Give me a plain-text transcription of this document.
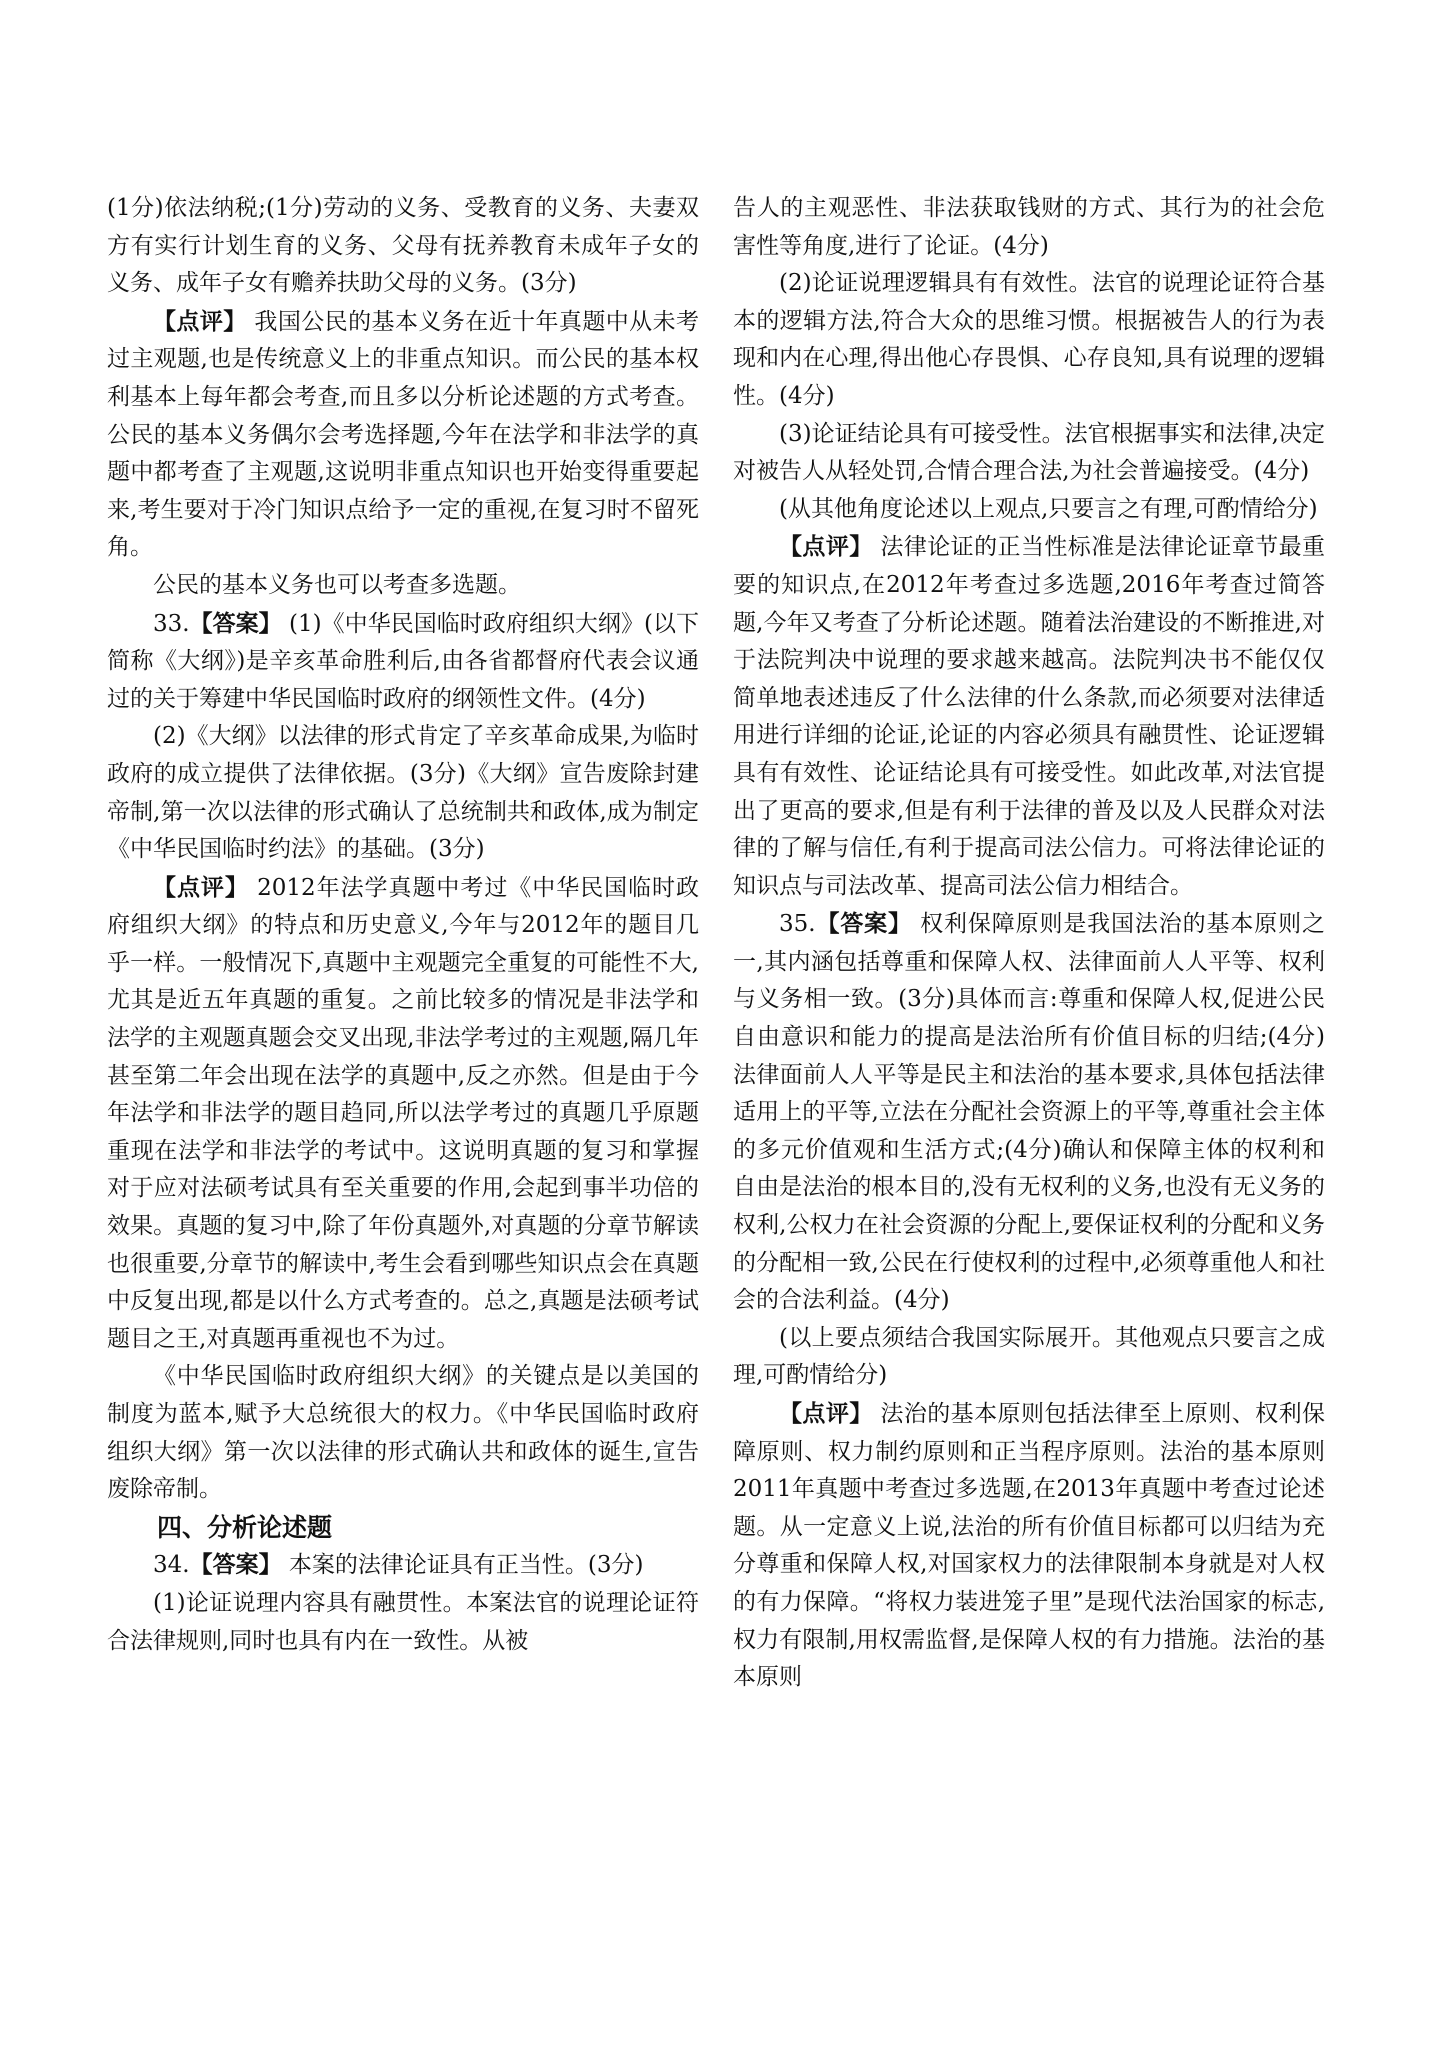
(1分)依法纳税;(1分)劳动的义务、受教育的义务、夫妻双方有实行计划生育的义务、父母有抚养教育未成年子女的义务、成年子女有赡养扶助父母的义务。(3分)

【点评】 我国公民的基本义务在近十年真题中从未考过主观题,也是传统意义上的非重点知识。而公民的基本权利基本上每年都会考查,而且多以分析论述题的方式考查。公民的基本义务偶尔会考选择题,今年在法学和非法学的真题中都考查了主观题,这说明非重点知识也开始变得重要起来,考生要对于冷门知识点给予一定的重视,在复习时不留死角。

公民的基本义务也可以考查多选题。

33.【答案】 (1)《中华民国临时政府组织大纲》(以下简称《大纲》)是辛亥革命胜利后,由各省都督府代表会议通过的关于筹建中华民国临时政府的纲领性文件。(4分)

(2)《大纲》以法律的形式肯定了辛亥革命成果,为临时政府的成立提供了法律依据。(3分)《大纲》宣告废除封建帝制,第一次以法律的形式确认了总统制共和政体,成为制定《中华民国临时约法》的基础。(3分)

【点评】 2012年法学真题中考过《中华民国临时政府组织大纲》的特点和历史意义,今年与2012年的题目几乎一样。一般情况下,真题中主观题完全重复的可能性不大,尤其是近五年真题的重复。之前比较多的情况是非法学和法学的主观题真题会交叉出现,非法学考过的主观题,隔几年甚至第二年会出现在法学的真题中,反之亦然。但是由于今年法学和非法学的题目趋同,所以法学考过的真题几乎原题重现在法学和非法学的考试中。这说明真题的复习和掌握对于应对法硕考试具有至关重要的作用,会起到事半功倍的效果。真题的复习中,除了年份真题外,对真题的分章节解读也很重要,分章节的解读中,考生会看到哪些知识点会在真题中反复出现,都是以什么方式考查的。总之,真题是法硕考试题目之王,对真题再重视也不为过。

《中华民国临时政府组织大纲》的关键点是以美国的制度为蓝本,赋予大总统很大的权力。《中华民国临时政府组织大纲》第一次以法律的形式确认共和政体的诞生,宣告废除帝制。

四、分析论述题

34.【答案】 本案的法律论证具有正当性。(3分)

(1)论证说理内容具有融贯性。本案法官的说理论证符合法律规则,同时也具有内在一致性。从被

告人的主观恶性、非法获取钱财的方式、其行为的社会危害性等角度,进行了论证。(4分)

(2)论证说理逻辑具有有效性。法官的说理论证符合基本的逻辑方法,符合大众的思维习惯。根据被告人的行为表现和内在心理,得出他心存畏惧、心存良知,具有说理的逻辑性。(4分)

(3)论证结论具有可接受性。法官根据事实和法律,决定对被告人从轻处罚,合情合理合法,为社会普遍接受。(4分)

(从其他角度论述以上观点,只要言之有理,可酌情给分)

【点评】 法律论证的正当性标准是法律论证章节最重要的知识点,在2012年考查过多选题,2016年考查过简答题,今年又考查了分析论述题。随着法治建设的不断推进,对于法院判决中说理的要求越来越高。法院判决书不能仅仅简单地表述违反了什么法律的什么条款,而必须要对法律适用进行详细的论证,论证的内容必须具有融贯性、论证逻辑具有有效性、论证结论具有可接受性。如此改革,对法官提出了更高的要求,但是有利于法律的普及以及人民群众对法律的了解与信任,有利于提高司法公信力。可将法律论证的知识点与司法改革、提高司法公信力相结合。

35.【答案】 权利保障原则是我国法治的基本原则之一,其内涵包括尊重和保障人权、法律面前人人平等、权利与义务相一致。(3分)具体而言:尊重和保障人权,促进公民自由意识和能力的提高是法治所有价值目标的归结;(4分)法律面前人人平等是民主和法治的基本要求,具体包括法律适用上的平等,立法在分配社会资源上的平等,尊重社会主体的多元价值观和生活方式;(4分)确认和保障主体的权利和自由是法治的根本目的,没有无权利的义务,也没有无义务的权利,公权力在社会资源的分配上,要保证权利的分配和义务的分配相一致,公民在行使权利的过程中,必须尊重他人和社会的合法利益。(4分)

(以上要点须结合我国实际展开。其他观点只要言之成理,可酌情给分)

【点评】 法治的基本原则包括法律至上原则、权利保障原则、权力制约原则和正当程序原则。法治的基本原则2011年真题中考查过多选题,在2013年真题中考查过论述题。从一定意义上说,法治的所有价值目标都可以归结为充分尊重和保障人权,对国家权力的法律限制本身就是对人权的有力保障。“将权力装进笼子里”是现代法治国家的标志,权力有限制,用权需监督,是保障人权的有力措施。法治的基本原则
